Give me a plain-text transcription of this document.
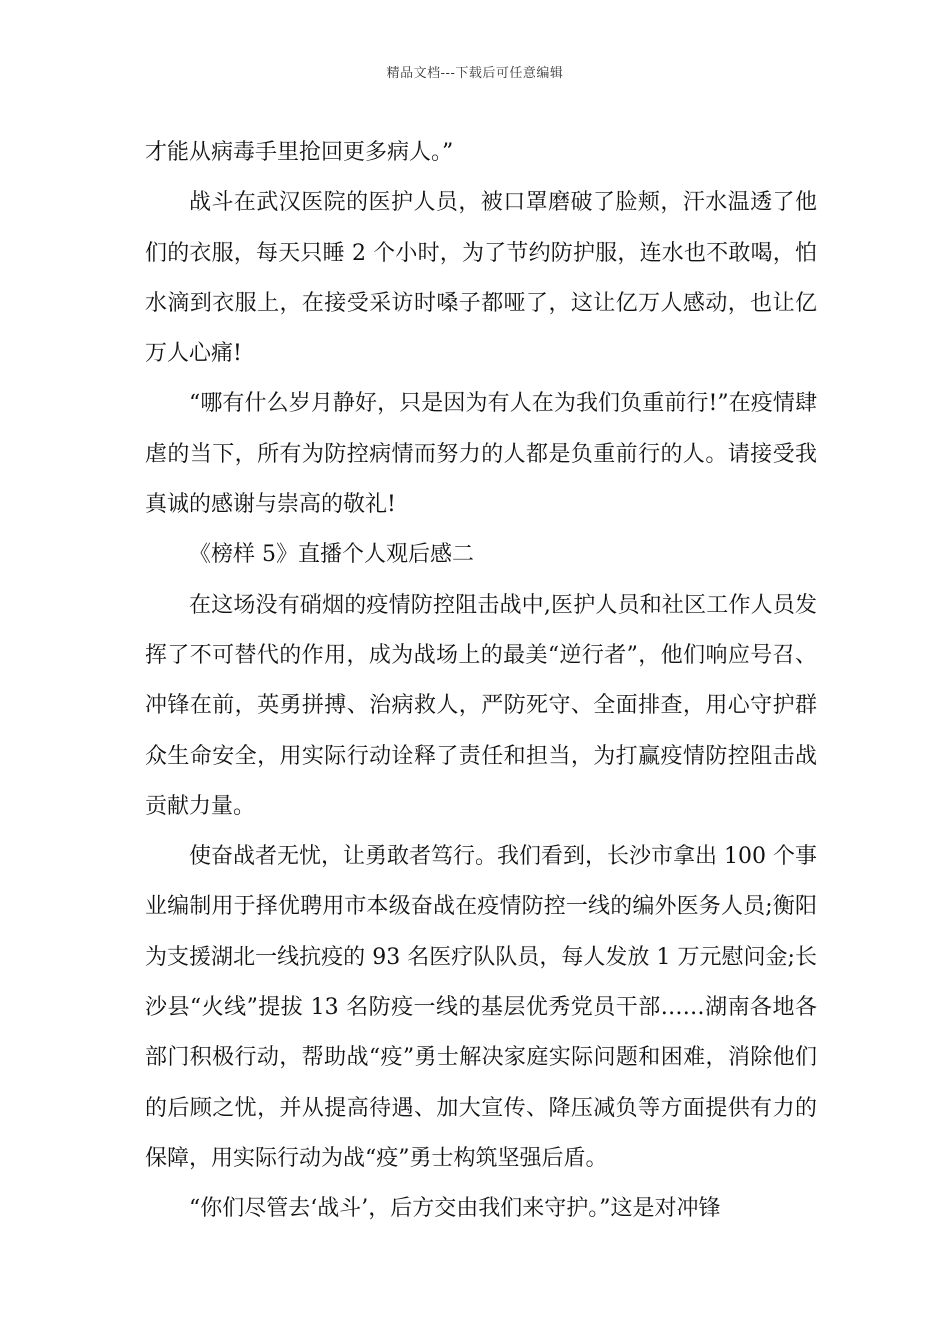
精品文档---下载后可任意编辑

才能从病毒手里抢回更多病人。”

战斗在武汉医院的医护人员，被口罩磨破了脸颊，汗水温透了他们的衣服，每天只睡 2 个小时，为了节约防护服，连水也不敢喝，怕水滴到衣服上，在接受采访时嗓子都哑了，这让亿万人感动，也让亿万人心痛!

“哪有什么岁月静好，只是因为有人在为我们负重前行!”在疫情肆虐的当下，所有为防控病情而努力的人都是负重前行的人。请接受我真诚的感谢与崇高的敬礼!

《榜样 5》直播个人观后感二

在这场没有硝烟的疫情防控阻击战中,医护人员和社区工作人员发挥了不可替代的作用，成为战场上的最美“逆行者”，他们响应号召、冲锋在前，英勇拼搏、治病救人，严防死守、全面排查，用心守护群众生命安全，用实际行动诠释了责任和担当，为打赢疫情防控阻击战贡献力量。

使奋战者无忧，让勇敢者笃行。我们看到，长沙市拿出 100 个事业编制用于择优聘用市本级奋战在疫情防控一线的编外医务人员;衡阳为支援湖北一线抗疫的 93 名医疗队队员，每人发放 1 万元慰问金;长沙县“火线”提拔 13 名防疫一线的基层优秀党员干部……湖南各地各部门积极行动，帮助战“疫”勇士解决家庭实际问题和困难，消除他们的后顾之忧，并从提高待遇、加大宣传、降压减负等方面提供有力的保障，用实际行动为战“疫”勇士构筑坚强后盾。

“你们尽管去‘战斗’，后方交由我们来守护。”这是对冲锋
